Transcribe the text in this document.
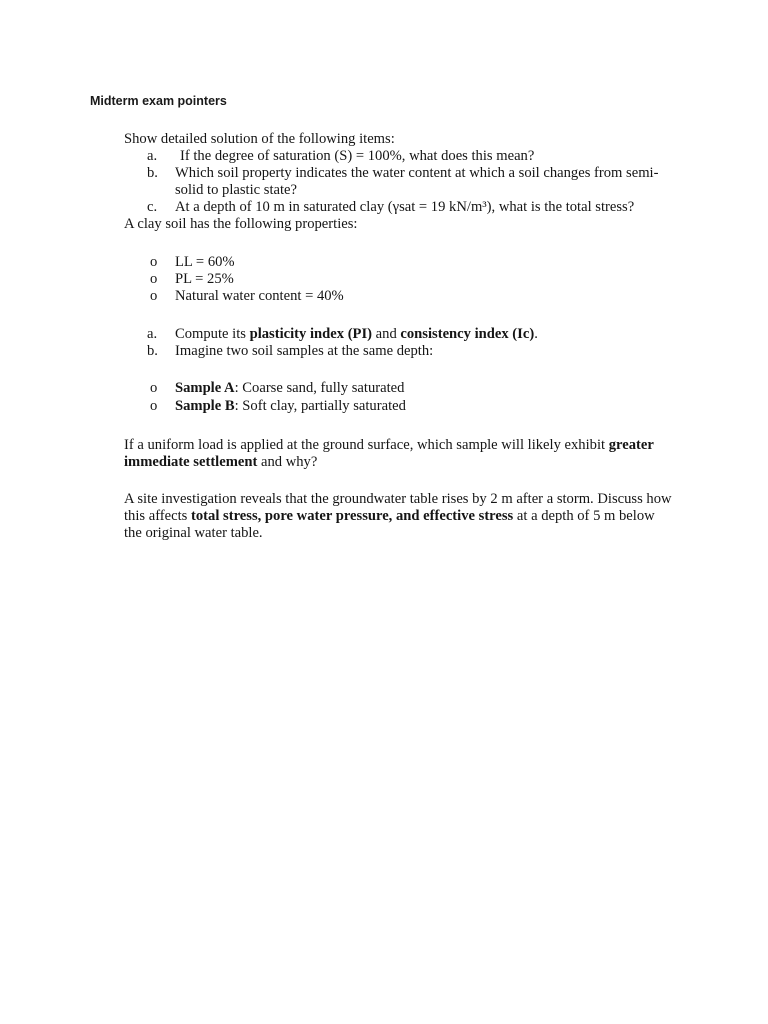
Midterm exam pointers
Show detailed solution of the following items:
a. If the degree of saturation (S) = 100%, what does this mean?
b. Which soil property indicates the water content at which a soil changes from semi-
solid to plastic state?
c. At a depth of 10 m in saturated clay (γsat = 19 kN/m³), what is the total stress?
A clay soil has the following properties:
o LL = 60%
o PL = 25%
o Natural water content = 40%
a. Compute its plasticity index (PI) and consistency index (Ic).
b. Imagine two soil samples at the same depth:
o Sample A: Coarse sand, fully saturated
o Sample B: Soft clay, partially saturated
If a uniform load is applied at the ground surface, which sample will likely exhibit greater
immediate settlement and why?
A site investigation reveals that the groundwater table rises by 2 m after a storm. Discuss how
this affects total stress, pore water pressure, and effective stress at a depth of 5 m below
the original water table.
